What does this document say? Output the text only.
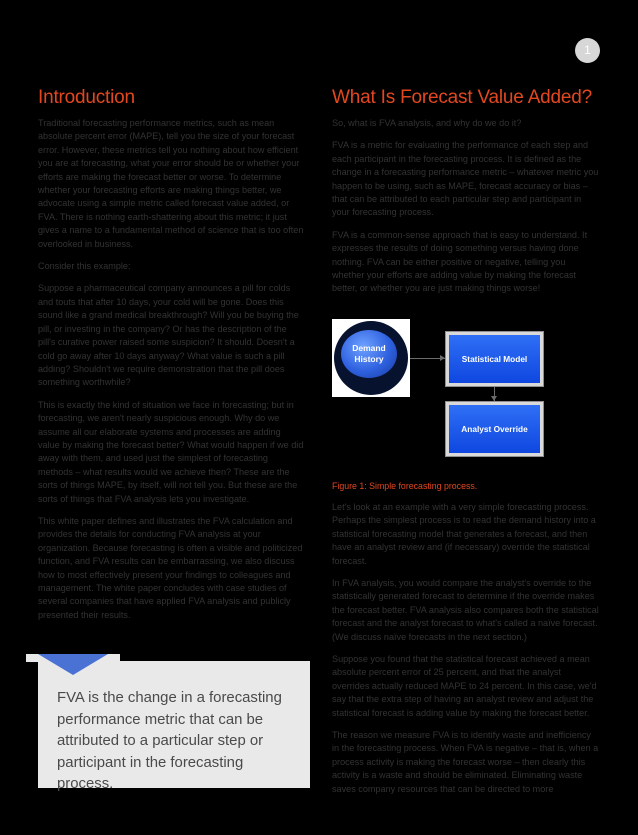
1
Introduction

Traditional forecasting performance metrics, such as mean absolute percent error (MAPE), tell you the size of your forecast error. However, these metrics tell you nothing about how efficient you are at forecasting, what your error should be or whether your efforts are making the forecast better or worse. To determine whether your forecasting efforts are making things better, we advocate using a simple metric called forecast value added, or FVA. There is nothing earth-shattering about this metric; it just gives a name to a fundamental method of science that is too often overlooked in business.

Consider this example:

Suppose a pharmaceutical company announces a pill for colds and touts that after 10 days, your cold will be gone. Does this sound like a grand medical breakthrough? Will you be buying the pill, or investing in the company? Or has the description of the pill's curative power raised some suspicion? It should. Doesn't a cold go away after 10 days anyway? What value is such a pill adding? Shouldn't we require demonstration that the pill does something worthwhile?

This is exactly the kind of situation we face in forecasting; but in forecasting, we aren't nearly suspicious enough. Why do we assume all our elaborate systems and processes are adding value by making the forecast better? What would happen if we did away with them, and used just the simplest of forecasting methods – what results would we achieve then? These are the sorts of things MAPE, by itself, will not tell you. But these are the sorts of things that FVA analysis lets you investigate.

This white paper defines and illustrates the FVA calculation and provides the details for conducting FVA analysis at your organization. Because forecasting is often a visible and politicized function, and FVA results can be embarrassing, we also discuss how to most effectively present your findings to colleagues and management. The white paper concludes with case studies of several companies that have applied FVA analysis and publicly presented their results.

What Is Forecast Value Added?

So, what is FVA analysis, and why do we do it?

FVA is a metric for evaluating the performance of each step and each participant in the forecasting process. It is defined as the change in a forecasting performance metric – whatever metric you happen to be using, such as MAPE, forecast accuracy or bias – that can be attributed to each particular step and participant in your forecasting process.

FVA is a common-sense approach that is easy to understand. It expresses the results of doing something versus having done nothing. FVA can be either positive or negative, telling you whether your efforts are adding value by making the forecast better, or whether you are just making things worse!

Demand History	Statistical Model
Analyst Override
Figure 1: Simple forecasting process.

Let's look at an example with a very simple forecasting process. Perhaps the simplest process is to read the demand history into a statistical forecasting model that generates a forecast, and then have an analyst review and (if necessary) override the statistical forecast.

In FVA analysis, you would compare the analyst's override to the statistically generated forecast to determine if the override makes the forecast better. FVA analysis also compares both the statistical forecast and the analyst forecast to what's called a naïve forecast. (We discuss naïve forecasts in the next section.)

Suppose you found that the statistical forecast achieved a mean absolute percent error of 25 percent, and that the analyst overrides actually reduced MAPE to 24 percent. In this case, we'd say that the extra step of having an analyst review and adjust the statistical forecast is adding value by making the forecast better.

The reason we measure FVA is to identify waste and inefficiency in the forecasting process. When FVA is negative – that is, when a process activity is making the forecast worse – then clearly this activity is a waste and should be eliminated. Eliminating waste saves company resources that can be directed to more

FVA is the change in a forecasting performance metric that can be attributed to a particular step or participant in the forecasting process.
